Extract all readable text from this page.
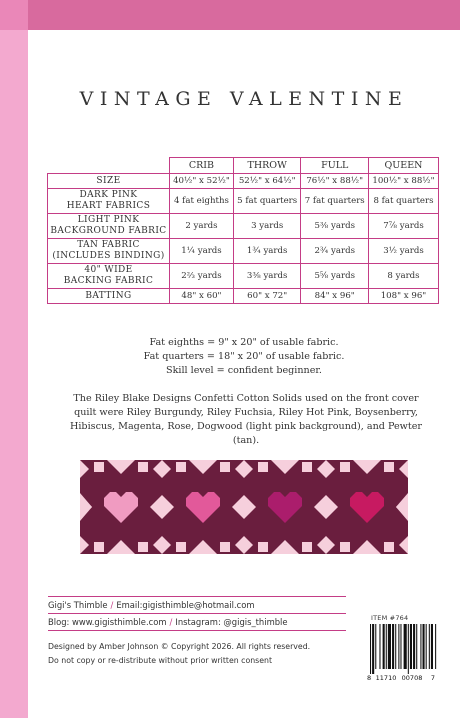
VINTAGE VALENTINE
	CRIB	THROW	FULL	QUEEN
SIZE	40½" x 52½"	52½" x 64½"	76½" x 88½"	100½" x 88½"
DARK PINK
HEART FABRICS	4 fat eighths	5 fat quarters	7 fat quarters	8 fat quarters
LIGHT PINK
BACKGROUND FABRIC	2 yards	3 yards	5⅜ yards	7⅞ yards
TAN FABRIC
(INCLUDES BINDING)	1¼ yards	1¾ yards	2¾ yards	3½ yards
40" WIDE
BACKING FABRIC	2⅔ yards	3⅜ yards	5⅝ yards	8 yards
BATTING	48" x 60"	60" x 72"	84" x 96"	108" x 96"
Fat eighths = 9" x 20" of usable fabric.
Fat quarters = 18" x 20" of usable fabric.
Skill level = confident beginner.
The Riley Blake Designs Confetti Cotton Solids used on the front cover quilt were Riley Burgundy, Riley Fuchsia, Riley Hot Pink, Boysenberry, Hibiscus, Magenta, Rose, Dogwood (light pink background), and Pewter (tan).
Gigi's Thimble / Email:gigisthimble@hotmail.com
Blog: www.gigisthimble.com / Instagram: @gigis_thimble
Designed by Amber Johnson © Copyright 2026. All rights reserved.
Do not copy or re-distribute without prior written consent
ITEM #764
8 11710 00708 7
